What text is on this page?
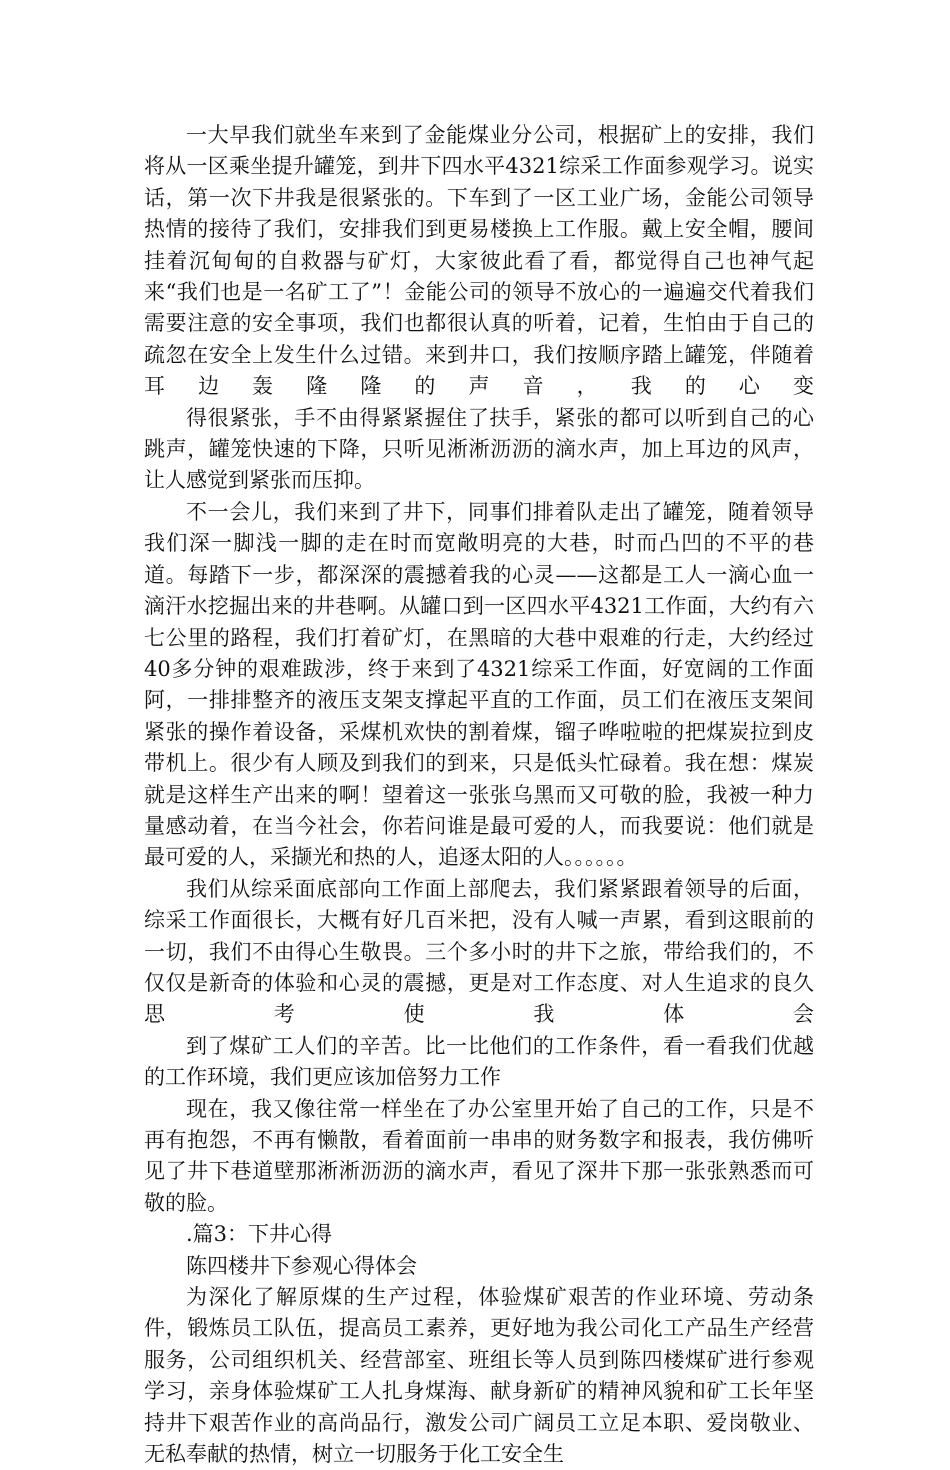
一大早我们就坐车来到了金能煤业分公司，根据矿上的安排，我们将从一区乘坐提升罐笼，到井下四水平4321综采工作面参观学习。说实话，第一次下井我是很紧张的。下车到了一区工业广场，金能公司领导热情的接待了我们，安排我们到更易楼换上工作服。戴上安全帽，腰间挂着沉甸甸的自救器与矿灯，大家彼此看了看，都觉得自己也神气起来“我们也是一名矿工了”！金能公司的领导不放心的一遍遍交代着我们需要注意的安全事项，我们也都很认真的听着，记着，生怕由于自己的疏忽在安全上发生什么过错。来到井口，我们按顺序踏上罐笼，伴随着耳边轰隆隆的声音，我的心变

得很紧张，手不由得紧紧握住了扶手，紧张的都可以听到自己的心跳声，罐笼快速的下降，只听见淅淅沥沥的滴水声，加上耳边的风声，让人感觉到紧张而压抑。

不一会儿，我们来到了井下，同事们排着队走出了罐笼，随着领导我们深一脚浅一脚的走在时而宽敞明亮的大巷，时而凸凹的不平的巷道。每踏下一步，都深深的震撼着我的心灵——这都是工人一滴心血一滴汗水挖掘出来的井巷啊。从罐口到一区四水平4321工作面，大约有六七公里的路程，我们打着矿灯，在黑暗的大巷中艰难的行走，大约经过40多分钟的艰难跋涉，终于来到了4321综采工作面，好宽阔的工作面阿，一排排整齐的液压支架支撑起平直的工作面，员工们在液压支架间紧张的操作着设备，采煤机欢快的割着煤，镏子哗啦啦的把煤炭拉到皮带机上。很少有人顾及到我们的到来，只是低头忙碌着。我在想：煤炭就是这样生产出来的啊！望着这一张张乌黑而又可敬的脸，我被一种力量感动着，在当今社会，你若问谁是最可爱的人，而我要说：他们就是最可爱的人，采撷光和热的人，追逐太阳的人。。。。。。

我们从综采面底部向工作面上部爬去，我们紧紧跟着领导的后面，综采工作面很长，大概有好几百米把，没有人喊一声累，看到这眼前的一切，我们不由得心生敬畏。三个多小时的井下之旅，带给我们的，不仅仅是新奇的体验和心灵的震撼，更是对工作态度、对人生追求的良久思考使我体会

到了煤矿工人们的辛苦。比一比他们的工作条件，看一看我们优越的工作环境，我们更应该加倍努力工作

现在，我又像往常一样坐在了办公室里开始了自己的工作，只是不再有抱怨，不再有懒散，看着面前一串串的财务数字和报表，我仿佛听见了井下巷道壁那淅淅沥沥的滴水声，看见了深井下那一张张熟悉而可敬的脸。

.篇3：下井心得

陈四楼井下参观心得体会

为深化了解原煤的生产过程，体验煤矿艰苦的作业环境、劳动条件，锻炼员工队伍，提高员工素养，更好地为我公司化工产品生产经营服务，公司组织机关、经营部室、班组长等人员到陈四楼煤矿进行参观学习，亲身体验煤矿工人扎身煤海、献身新矿的精神风貌和矿工长年坚持井下艰苦作业的高尚品行，激发公司广阔员工立足本职、爱岗敬业、无私奉献的热情，树立一切服务于化工安全生
